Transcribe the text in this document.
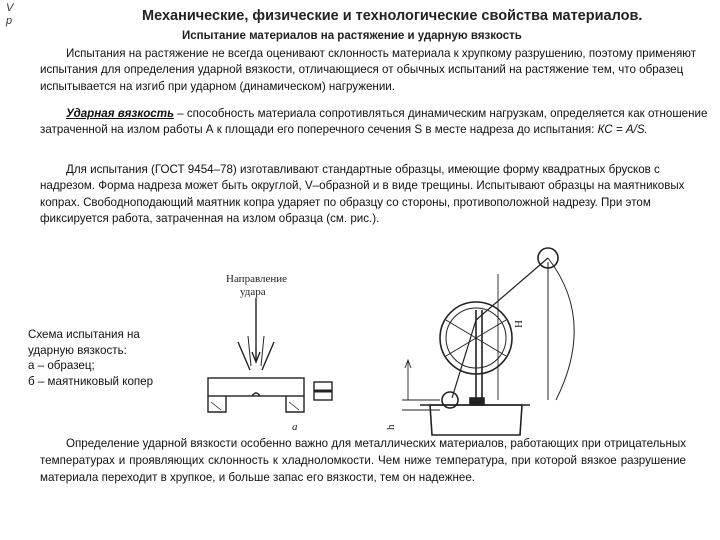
V
p	Механические, физические и технологические свойства материалов.
Испытание материалов на растяжение и ударную вязкость
Испытания на растяжение не всегда оценивают склонность материала к хрупкому разрушению, поэтому применяют испытания для определения ударной вязкости, отличающиеся от обычных испытаний на растяжение тем, что образец испытывается на изгиб при ударном (динамическом) нагружении.
Ударная вязкость – способность материала сопротивляться динамическим нагрузкам, определяется как отношение затраченной на излом работы А к площади его поперечного сечения S в месте надреза до испытания: КС = A/S.
Для испытания (ГОСТ 9454–78) изготавливают стандартные образцы, имеющие форму квадратных брусков с надрезом. Форма надреза может быть округлой, V–образной и в виде трещины. Испытывают образцы на маятниковых копрах. Свободноподающий маятник копра ударяет по образцу со стороны, противоположной надрезу. При этом фиксируется работа, затраченная на излом образца (см. рис.).
Направление
удара
а
H
h
Схема испытания на
ударную вязкость:
а – образец;
б – маятниковый копер
Определение ударной вязкости особенно важно для металлических материалов, работающих при отрицательных температурах и проявляющих склонность к хладноломкости. Чем ниже температура, при которой вязкое разрушение материала переходит в хрупкое, и больше запас его вязкости, тем он надежнее.
